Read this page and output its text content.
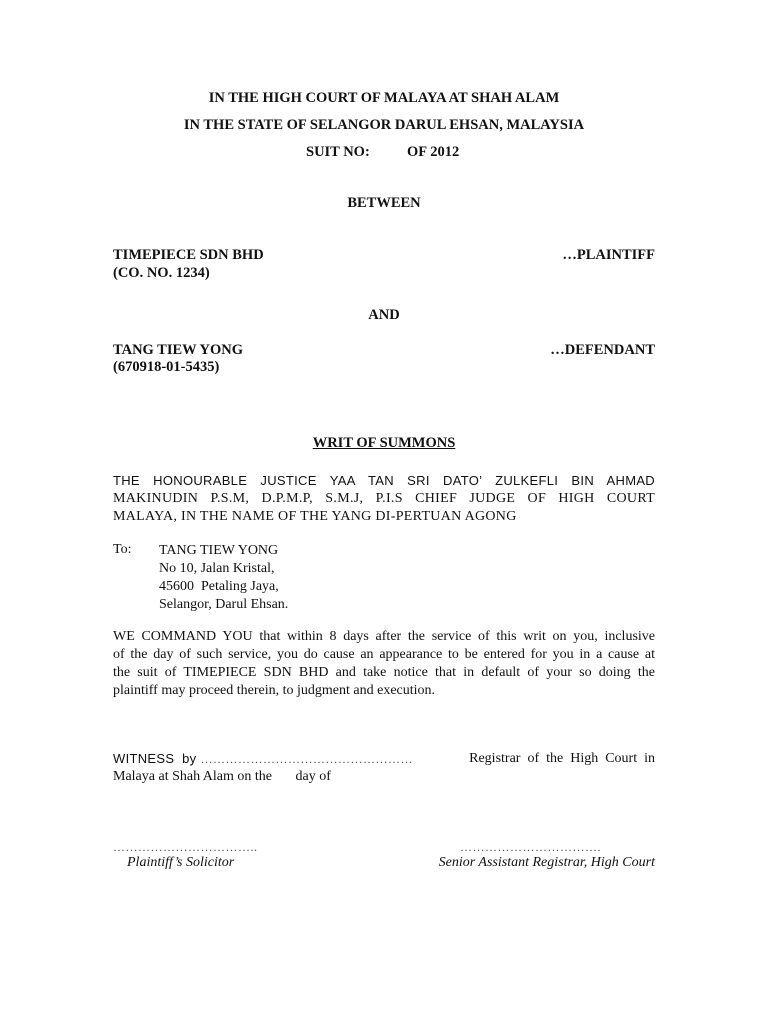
IN THE HIGH COURT OF MALAYA AT SHAH ALAM
IN THE STATE OF SELANGOR DARUL EHSAN, MALAYSIA
SUIT NO:	OF 2012
BETWEEN
TIMEPIECE SDN BHD
(CO. NO. 1234)
…PLAINTIFF
AND
TANG TIEW YONG
(670918-01-5435)
…DEFENDANT
WRIT OF SUMMONS
THE HONOURABLE JUSTICE YAA TAN SRI DATO’ ZULKEFLI BIN AHMAD
MAKINUDIN P.S.M, D.P.M.P, S.M.J, P.I.S CHIEF JUDGE OF HIGH COURT
MALAYA, IN THE NAME OF THE YANG DI-PERTUAN AGONG
To: TANG TIEW YONG
No 10, Jalan Kristal,
45600  Petaling Jaya,
Selangor, Darul Ehsan.
WE COMMAND YOU that within 8 days after the service of this writ on you, inclusive
of the day of such service, you do cause an appearance to be entered for you in a cause at
the suit of TIMEPIECE SDN BHD and take notice that in default of your so doing the
plaintiff may proceed therein, to judgment and execution.
WITNESS  by ……………………………………………	Registrar  of  the  High  Court  in
Malaya at Shah Alam on the day of
……………………………..
Plaintiff’s Solicitor
…………………………….
Senior Assistant Registrar, High Court
